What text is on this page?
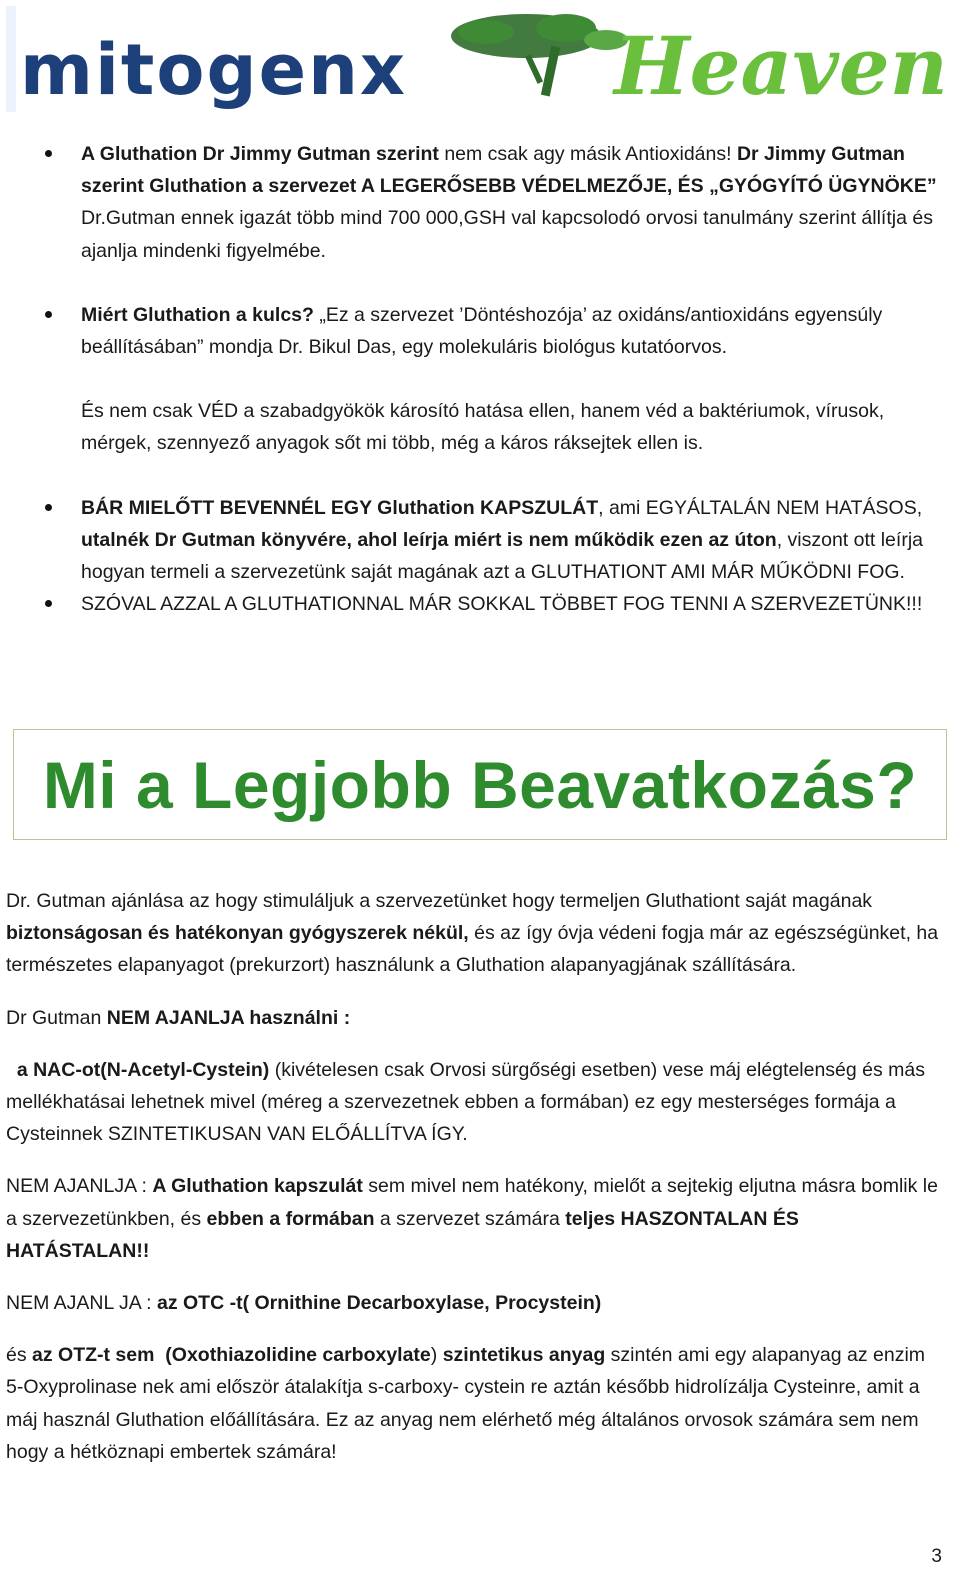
mitogenx	Heaven
A Gluthation Dr Jimmy Gutman szerint nem csak agy másik Antioxidáns! Dr Jimmy Gutman szerint Gluthation a szervezet A LEGERŐSEBB VÉDELMEZŐJE, ÉS „GYÓGYÍTÓ ÜGYNÖKE” Dr.Gutman ennek igazát több mind 700 000,GSH val kapcsolodó orvosi tanulmány szerint állítja és ajanlja mindenki figyelmébe.
Miért Gluthation a kulcs? „Ez a szervezet ’Döntéshozója’ az oxidáns/antioxidáns egyensúly beállításában” mondja Dr. Bikul Das, egy molekuláris biológus kutatóorvos.
És nem csak VÉD a szabadgyökök károsító hatása ellen, hanem véd a baktériumok, vírusok, mérgek, szennyező anyagok sőt mi több, még a káros ráksejtek ellen is.
BÁR MIELŐTT BEVENNÉL EGY Gluthation KAPSZULÁT, ami EGYÁLTALÁN NEM HATÁSOS, utalnék Dr Gutman könyvére, ahol leírja miért is nem működik ezen az úton, viszont ott leírja hogyan termeli a szervezetünk saját magának azt a GLUTHATIONT AMI MÁR MŰKÖDNI FOG.
SZÓVAL AZZAL A GLUTHATIONNAL MÁR SOKKAL TÖBBET FOG TENNI A SZERVEZETÜNK!!!
Mi a Legjobb Beavatkozás?

Dr. Gutman ajánlása az hogy stimuláljuk a szervezetünket hogy termeljen Gluthationt saját magának biztonságosan és hatékonyan gyógyszerek nékül, és az így óvja védeni fogja már az egészségünket, ha természetes elapanyagot (prekurzort) használunk a Gluthation alapanyagjának szállítására.

Dr Gutman NEM AJANLJA használni :

a NAC-ot(N-Acetyl-Cystein) (kivételesen csak Orvosi sürgőségi esetben) vese máj elégtelenség és más mellékhatásai lehetnek mivel (méreg a szervezetnek ebben a formában) ez egy mesterséges formája a Cysteinnek SZINTETIKUSAN VAN ELŐÁLLÍTVA ÍGY.

NEM AJANLJA : A Gluthation kapszulát sem mivel nem hatékony, mielőt a sejtekig eljutna másra bomlik le a szervezetünkben, és ebben a formában a szervezet számára teljes HASZONTALAN ÉS HATÁSTALAN!!

NEM AJANL JA : az OTC -t( Ornithine Decarboxylase, Procystein)

és az OTZ-t sem (Oxothiazolidine carboxylate) szintetikus anyag szintén ami egy alapanyag az enzim 5-Oxyprolinase nek ami először átalakítja s-carboxy- cystein re aztán később hidrolízálja Cysteinre, amit a máj használ Gluthation előállítására. Ez az anyag nem elérhető még általános orvosok számára sem nem hogy a hétköznapi embertek számára!

3
